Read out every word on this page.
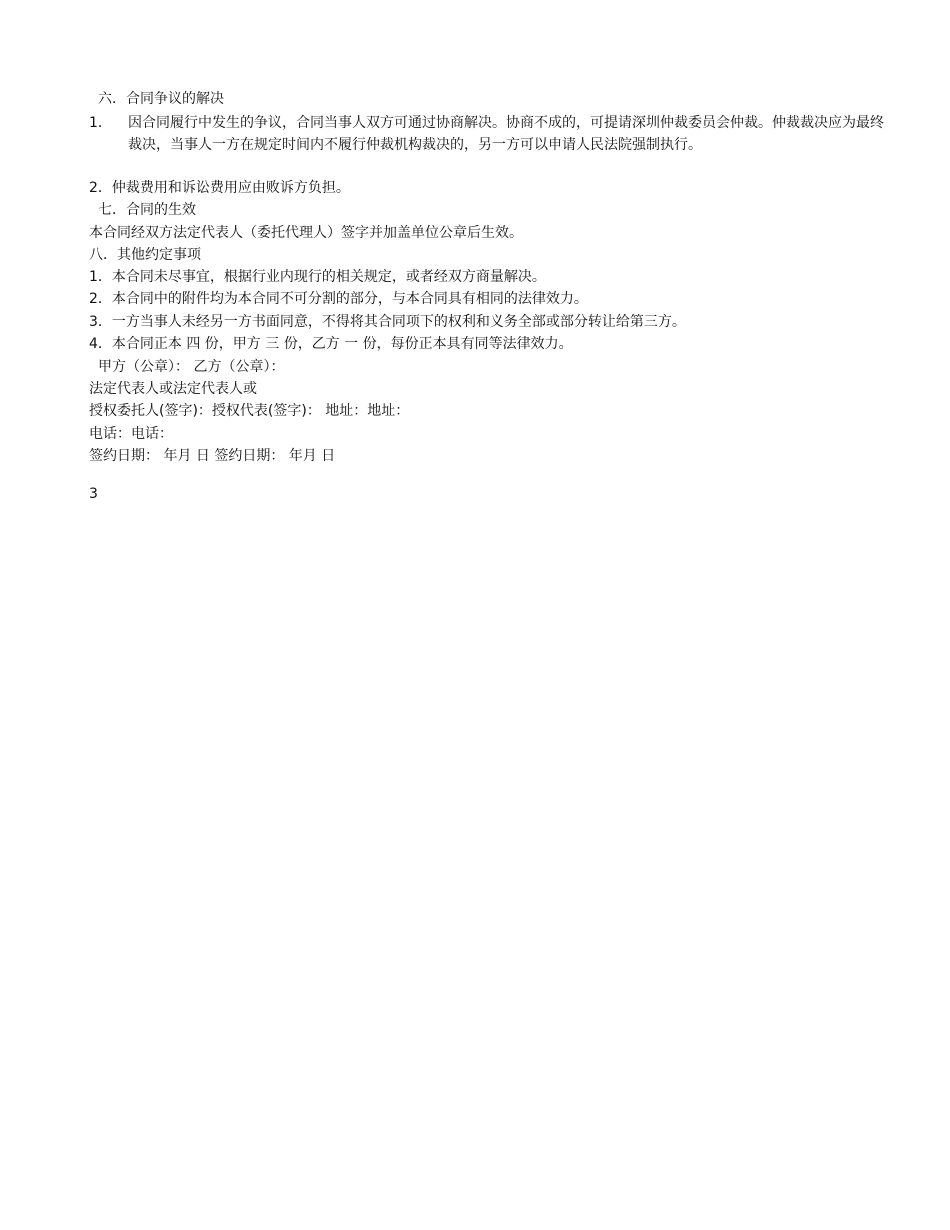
六．合同争议的解决
1． 因合同履行中发生的争议，合同当事人双方可通过协商解决。协商不成的，可提请深圳仲裁委员会仲裁。仲裁裁决应为最终裁决，当事人一方在规定时间内不履行仲裁机构裁决的，另一方可以申请人民法院强制执行。
2．仲裁费用和诉讼费用应由败诉方负担。
七．合同的生效
本合同经双方法定代表人（委托代理人）签字并加盖单位公章后生效。
八．其他约定事项
1．本合同未尽事宜，根据行业内现行的相关规定，或者经双方商量解决。
2．本合同中的附件均为本合同不可分割的部分，与本合同具有相同的法律效力。
3．一方当事人未经另一方书面同意，不得将其合同项下的权利和义务全部或部分转让给第三方。
4．本合同正本 四 份，甲方 三 份，乙方 一 份，每份正本具有同等法律效力。
甲方（公章）： 乙方（公章）：
法定代表人或法定代表人或
授权委托人(签字)：授权代表(签字)： 地址：地址：
电话：电话：
签约日期： 年月 日 签约日期： 年月 日
3
